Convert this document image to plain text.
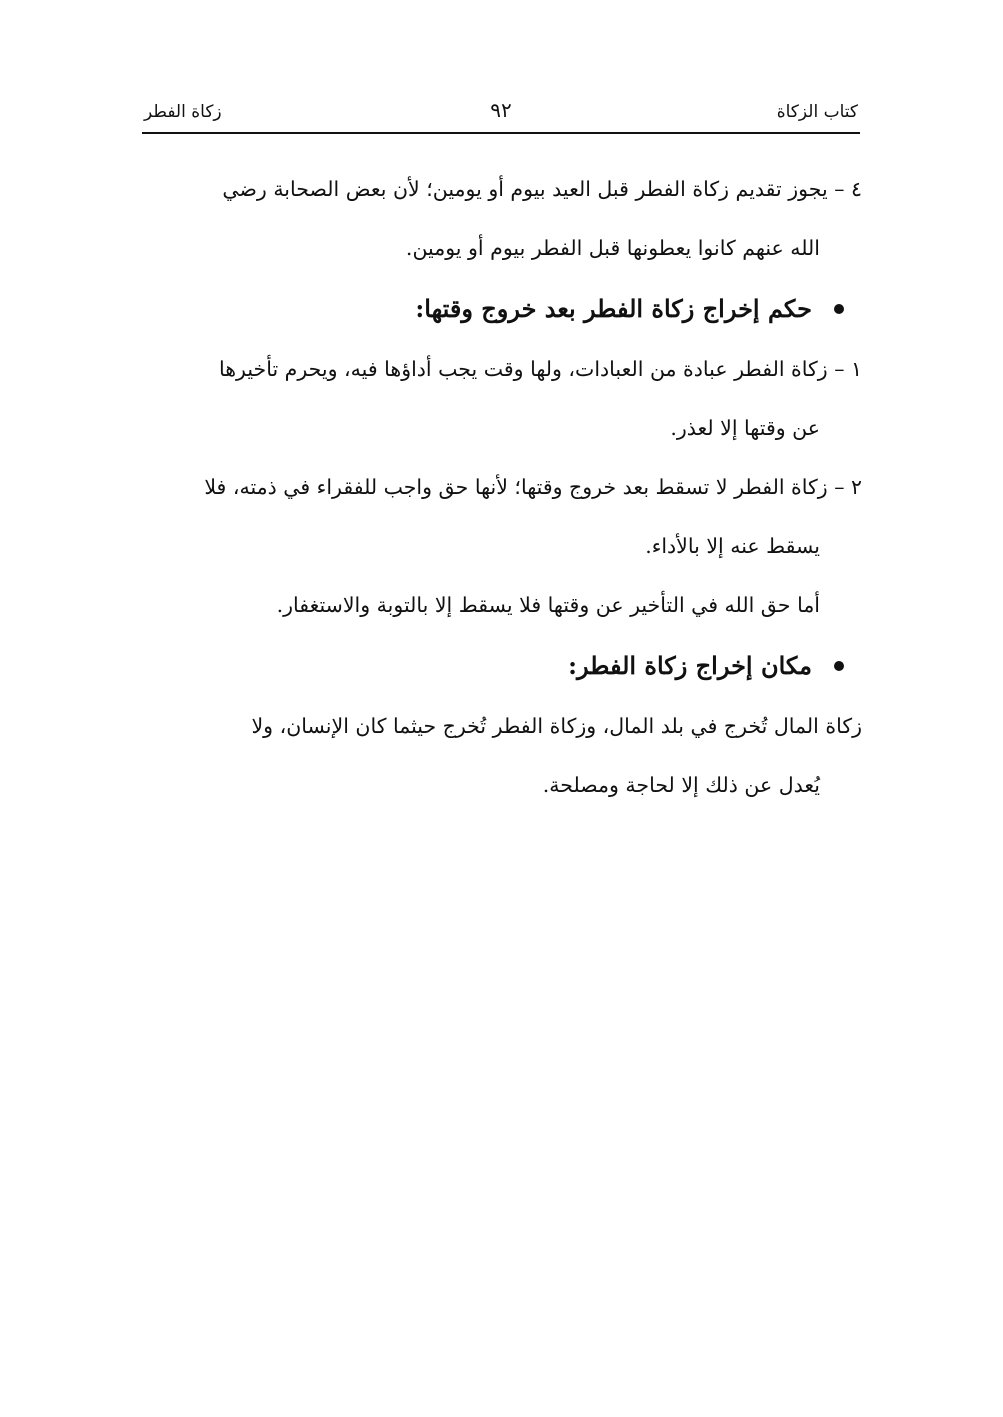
كتاب الزكاة
٩٢
زكاة الفطر

٤ – يجوز تقديم زكاة الفطر قبل العيد بيوم أو يومين؛ لأن بعض الصحابة رضي
الله عنهم كانوا يعطونها قبل الفطر بيوم أو يومين.

حكم إخراج زكاة الفطر بعد خروج وقتها:

١ – زكاة الفطر عبادة من العبادات، ولها وقت يجب أداؤها فيه، ويحرم تأخيرها
عن وقتها إلا لعذر.

٢ – زكاة الفطر لا تسقط بعد خروج وقتها؛ لأنها حق واجب للفقراء في ذمته، فلا
يسقط عنه إلا بالأداء.

أما حق الله في التأخير عن وقتها فلا يسقط إلا بالتوبة والاستغفار.

مكان إخراج زكاة الفطر:

زكاة المال تُخرج في بلد المال، وزكاة الفطر تُخرج حيثما كان الإنسان، ولا
يُعدل عن ذلك إلا لحاجة ومصلحة.
